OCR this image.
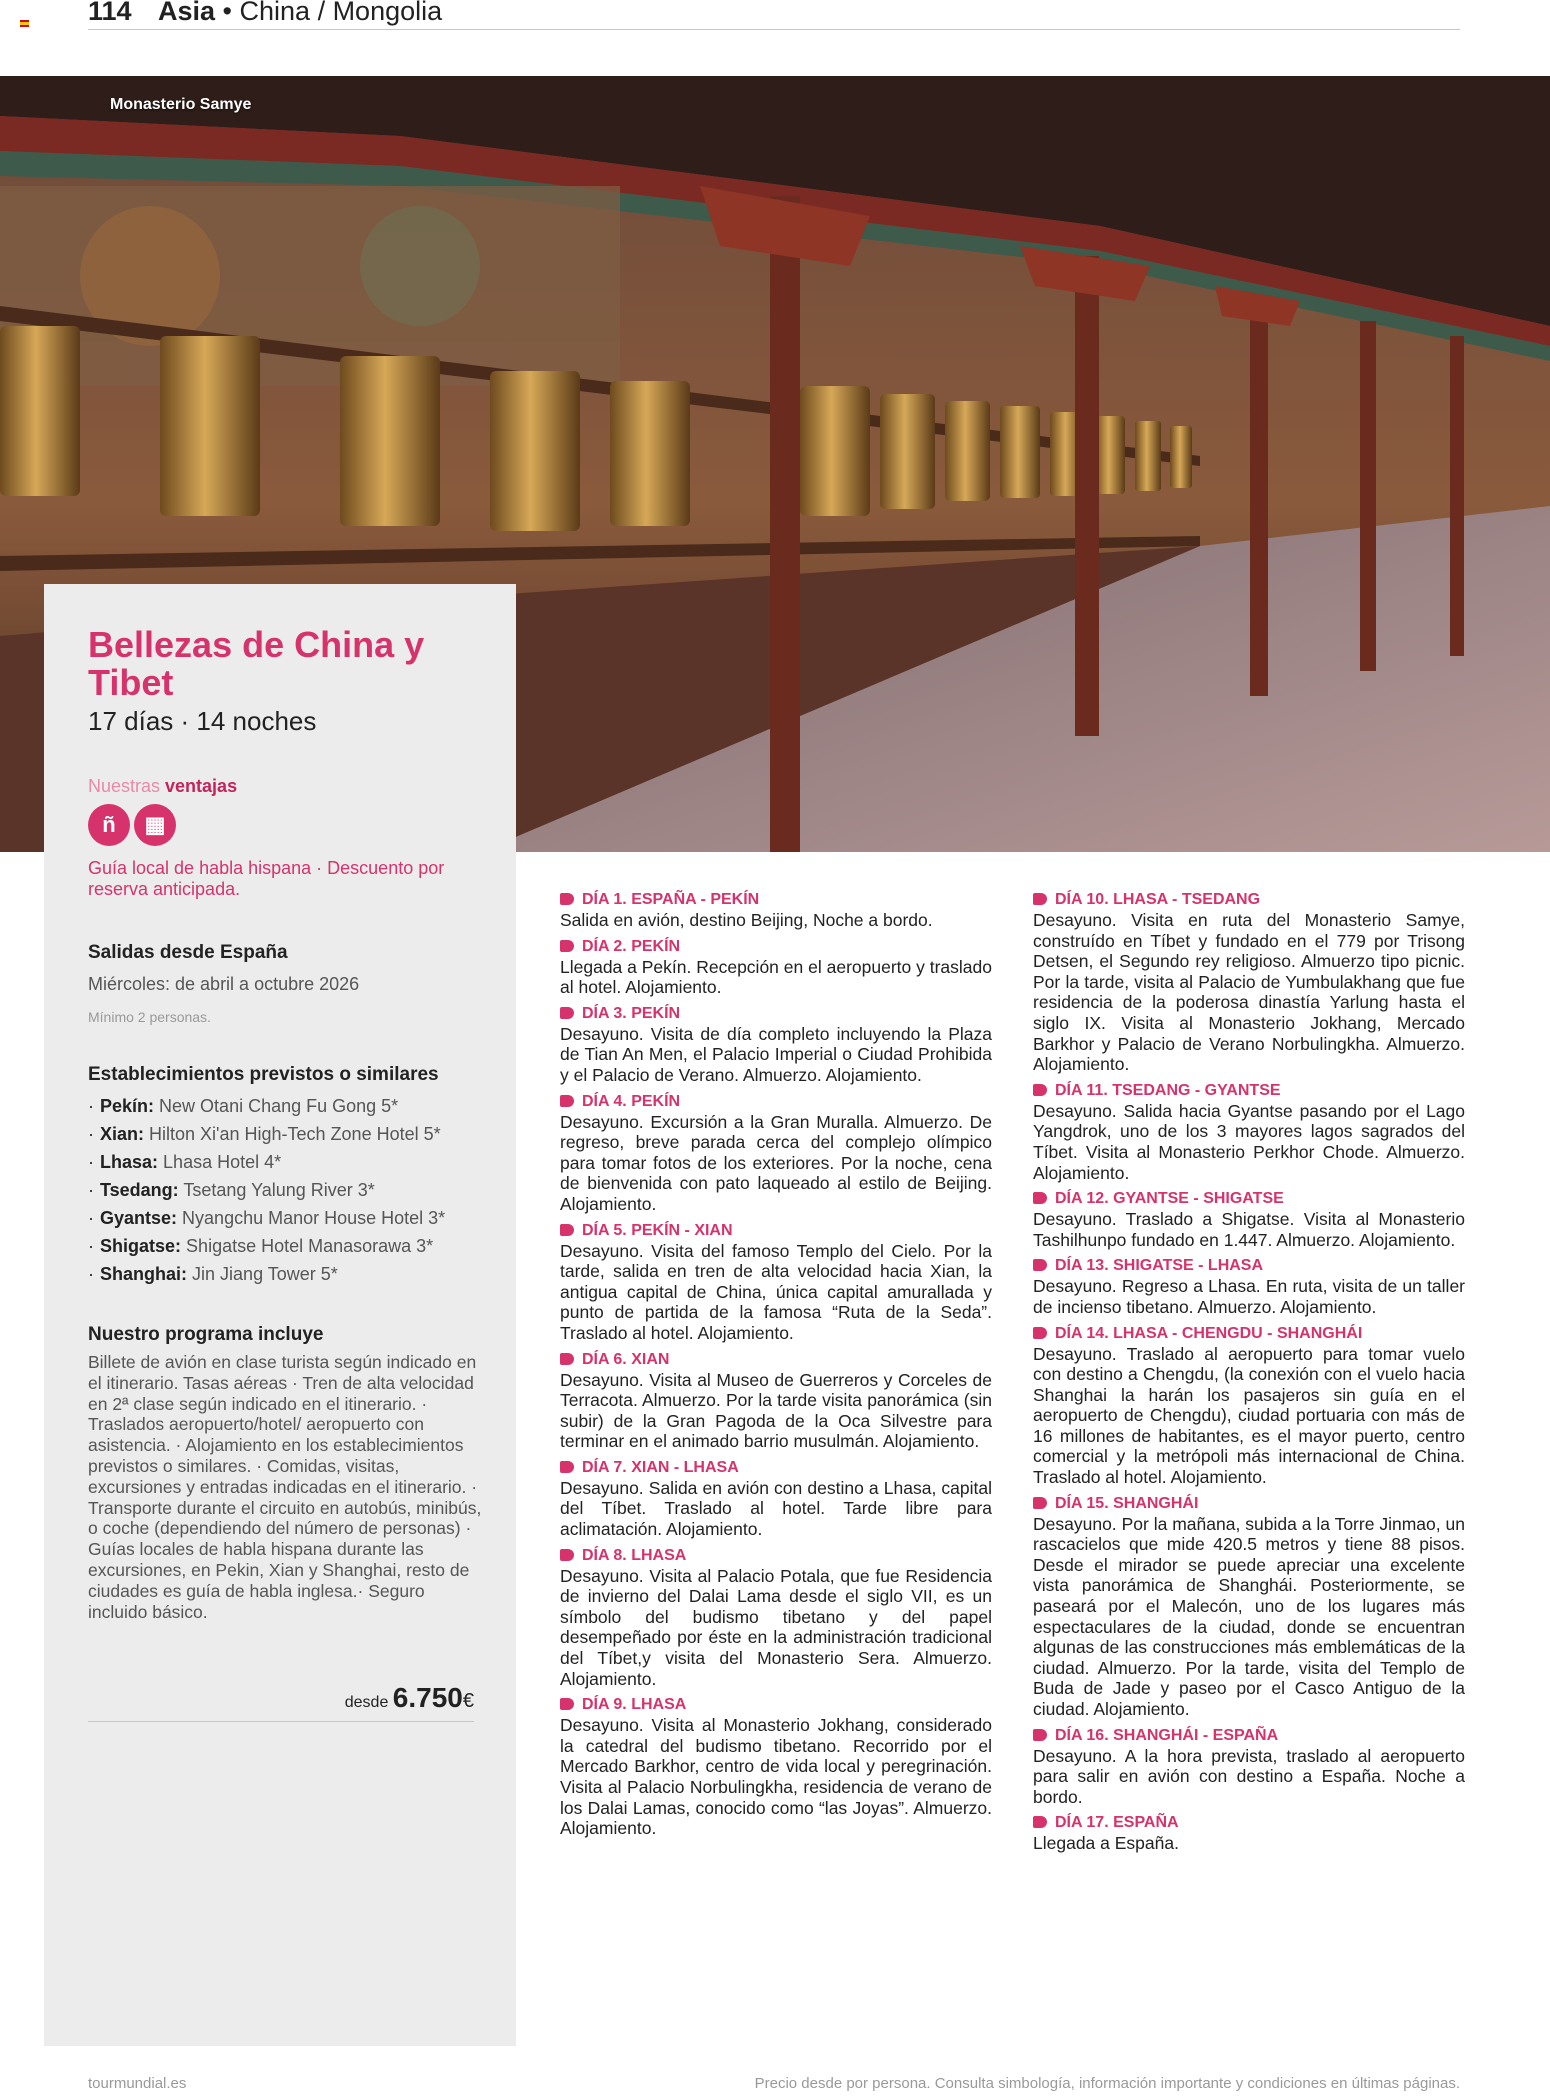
114 Asia • China / Mongolia
Monasterio Samye
Bellezas de China y Tibet
17 días · 14 noches
Nuestras ventajas
ñ ▦
Guía local de habla hispana · Descuento por reserva anticipada.
Salidas desde España

Miércoles: de abril a octubre 2026

Mínimo 2 personas.
Establecimientos previstos o similares
· Pekín: New Otani Chang Fu Gong 5*
· Xian: Hilton Xi'an High-Tech Zone Hotel 5*
· Lhasa: Lhasa Hotel 4*
· Tsedang: Tsetang Yalung River 3*
· Gyantse: Nyangchu Manor House Hotel 3*
· Shigatse: Shigatse Hotel Manasorawa 3*
· Shanghai: Jin Jiang Tower 5*
Nuestro programa incluye

Billete de avión en clase turista según indicado en el itinerario. Tasas aéreas · Tren de alta velocidad en 2ª clase según indicado en el itinerario. · Traslados aeropuerto/hotel/ aeropuerto con asistencia. · Alojamiento en los establecimientos previstos o similares. · Comidas, visitas, excursiones y entradas indicadas en el itinerario. · Transporte durante el circuito en autobús, minibús, o coche (dependiendo del número de personas) · Guías locales de habla hispana durante las excursiones, en Pekin, Xian y Shanghai, resto de ciudades es guía de habla inglesa.· Seguro incluido básico.

desde 6.750€
DÍA 1. ESPAÑA - PEKÍN

Salida en avión, destino Beijing, Noche a bordo.

DÍA 2. PEKÍN

Llegada a Pekín. Recepción en el aeropuerto y traslado al hotel. Alojamiento.

DÍA 3. PEKÍN

Desayuno. Visita de día completo incluyendo la Plaza de Tian An Men, el Palacio Imperial o Ciudad Prohibida y el Palacio de Verano. Almuerzo. Alojamiento.

DÍA 4. PEKÍN

Desayuno. Excursión a la Gran Muralla. Almuerzo. De regreso, breve parada cerca del complejo olímpico para tomar fotos de los exteriores. Por la noche, cena de bienvenida con pato laqueado al estilo de Beijing. Alojamiento.

DÍA 5. PEKÍN - XIAN

Desayuno. Visita del famoso Templo del Cielo. Por la tarde, salida en tren de alta velocidad hacia Xian, la antigua capital de China, única capital amurallada y punto de partida de la famosa “Ruta de la Seda”. Traslado al hotel. Alojamiento.

DÍA 6. XIAN

Desayuno. Visita al Museo de Guerreros y Corceles de Terracota. Almuerzo. Por la tarde visita panorámica (sin subir) de la Gran Pagoda de la Oca Silvestre para terminar en el animado barrio musulmán. Alojamiento.

DÍA 7. XIAN - LHASA

Desayuno. Salida en avión con destino a Lhasa, capital del Tíbet. Traslado al hotel. Tarde libre para aclimatación. Alojamiento.

DÍA 8. LHASA

Desayuno. Visita al Palacio Potala, que fue Residencia de invierno del Dalai Lama desde el siglo VII, es un símbolo del budismo tibetano y del papel desempeñado por éste en la administración tradicional del Tíbet,y visita del Monasterio Sera. Almuerzo. Alojamiento.

DÍA 9. LHASA

Desayuno. Visita al Monasterio Jokhang, considerado la catedral del budismo tibetano. Recorrido por el Mercado Barkhor, centro de vida local y peregrinación. Visita al Palacio Norbulingkha, residencia de verano de los Dalai Lamas, conocido como “las Joyas”. Almuerzo. Alojamiento.

DÍA 10. LHASA - TSEDANG

Desayuno. Visita en ruta del Monasterio Samye, construído en Tíbet y fundado en el 779 por Trisong Detsen, el Segundo rey religioso. Almuerzo tipo picnic. Por la tarde, visita al Palacio de Yumbulakhang que fue residencia de la poderosa dinastía Yarlung hasta el siglo IX. Visita al Monasterio Jokhang, Mercado Barkhor y Palacio de Verano Norbulingkha. Almuerzo. Alojamiento.

DÍA 11. TSEDANG - GYANTSE

Desayuno. Salida hacia Gyantse pasando por el Lago Yangdrok, uno de los 3 mayores lagos sagrados del Tíbet. Visita al Monasterio Perkhor Chode. Almuerzo. Alojamiento.

DÍA 12. GYANTSE - SHIGATSE

Desayuno. Traslado a Shigatse. Visita al Monasterio Tashilhunpo fundado en 1.447. Almuerzo. Alojamiento.

DÍA 13. SHIGATSE - LHASA

Desayuno. Regreso a Lhasa. En ruta, visita de un taller de incienso tibetano. Almuerzo. Alojamiento.

DÍA 14. LHASA - CHENGDU - SHANGHÁI

Desayuno. Traslado al aeropuerto para tomar vuelo con destino a Chengdu, (la conexión con el vuelo hacia Shanghai la harán los pasajeros sin guía en el aeropuerto de Chengdu), ciudad portuaria con más de 16 millones de habitantes, es el mayor puerto, centro comercial y la metrópoli más internacional de China. Traslado al hotel. Alojamiento.

DÍA 15. SHANGHÁI

Desayuno. Por la mañana, subida a la Torre Jinmao, un rascacielos que mide 420.5 metros y tiene 88 pisos. Desde el mirador se puede apreciar una excelente vista panorámica de Shanghái. Posteriormente, se paseará por el Malecón, uno de los lugares más espectaculares de la ciudad, donde se encuentran algunas de las construcciones más emblemáticas de la ciudad. Almuerzo. Por la tarde, visita del Templo de Buda de Jade y paseo por el Casco Antiguo de la ciudad. Alojamiento.

DÍA 16. SHANGHÁI - ESPAÑA

Desayuno. A la hora prevista, traslado al aeropuerto para salir en avión con destino a España. Noche a bordo.

DÍA 17. ESPAÑA

Llegada a España.

tourmundial.es	Precio desde por persona. Consulta simbología, información importante y condiciones en últimas páginas.
